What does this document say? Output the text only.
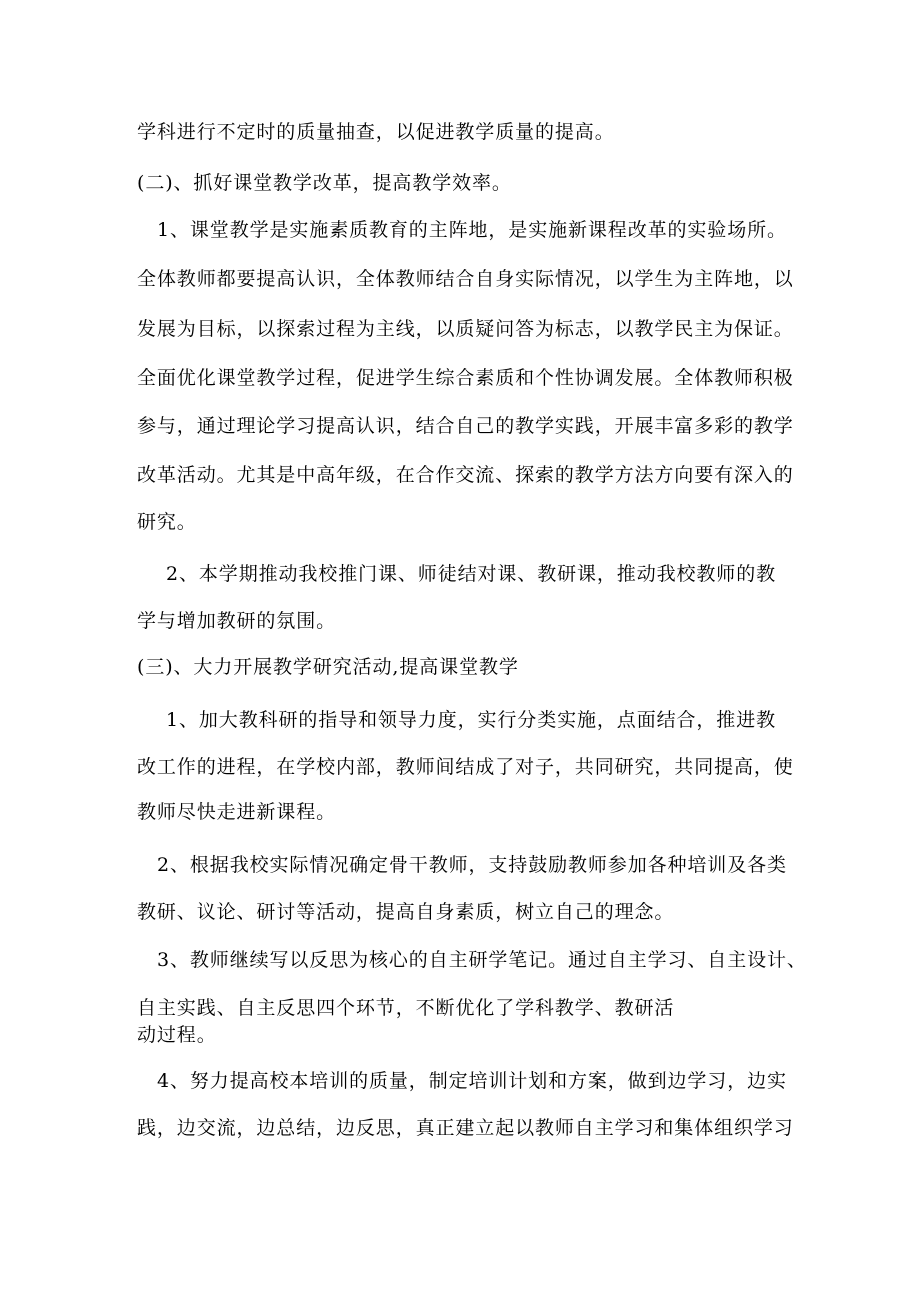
学科进行不定时的质量抽查，以促进教学质量的提高。
(二)、抓好课堂教学改革，提高教学效率。
1、课堂教学是实施素质教育的主阵地，是实施新课程改革的实验场所。
全体教师都要提高认识，全体教师结合自身实际情况，以学生为主阵地，以
发展为目标，以探索过程为主线，以质疑问答为标志，以教学民主为保证。
全面优化课堂教学过程，促进学生综合素质和个性协调发展。全体教师积极
参与，通过理论学习提高认识，结合自己的教学实践，开展丰富多彩的教学
改革活动。尤其是中高年级，在合作交流、探索的教学方法方向要有深入的
研究。
2、本学期推动我校推门课、师徒结对课、教研课，推动我校教师的教
学与增加教研的氛围。
(三)、大力开展教学研究活动,提高课堂教学
1、加大教科研的指导和领导力度，实行分类实施，点面结合，推进教
改工作的进程，在学校内部，教师间结成了对子，共同研究，共同提高，使
教师尽快走进新课程。
2、根据我校实际情况确定骨干教师，支持鼓励教师参加各种培训及各类
教研、议论、研讨等活动，提高自身素质，树立自己的理念。
3、教师继续写以反思为核心的自主研学笔记。通过自主学习、自主设计、
自主实践、自主反思四个环节，不断优化了学科教学、教研活
动过程。
4、努力提高校本培训的质量，制定培训计划和方案，做到边学习，边实
践，边交流，边总结，边反思，真正建立起以教师自主学习和集体组织学习
